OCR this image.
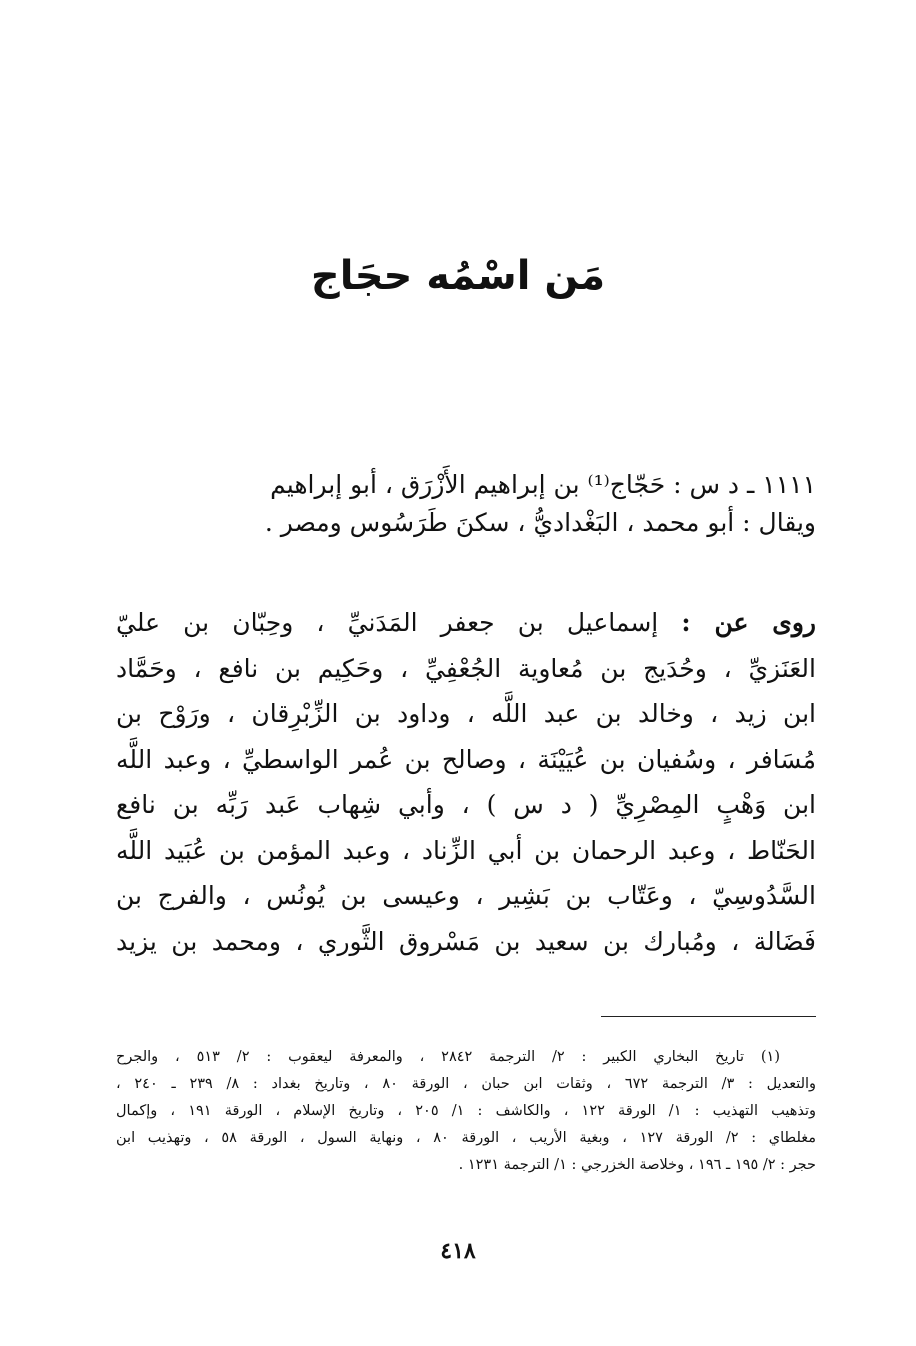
مَن اسْمُه حجَاج
١١١١ ـ د س : حَجّاج⁽¹⁾ بن إبراهيم الأَزْرَق ، أبو إبراهيم
ويقال : أبو محمد ، البَغْداديُّ ، سكنَ طَرَسُوس ومصر .
روى عن : إسماعيل بن جعفر المَدَنيِّ ، وحِبّان بن عليّ
العَنَزيِّ ، وحُدَيج بن مُعاوية الجُعْفِيِّ ، وحَكِيم بن نافع ، وحَمَّاد
ابن زيد ، وخالد بن عبد اللَّه ، وداود بن الزِّبْرِقان ، ورَوْح بن
مُسَافر ، وسُفيان بن عُيَيْنَة ، وصالح بن عُمر الواسطيِّ ، وعبد اللَّه
ابن وَهْبٍ المِصْرِيِّ ( د س ) ، وأبي شِهاب عَبد رَبِّه بن نافع
الحَنّاط ، وعبد الرحمان بن أبي الزِّناد ، وعبد المؤمن بن عُبَيد اللَّه
السَّدُوسِيّ ، وعَتّاب بن بَشِير ، وعيسى بن يُونُس ، والفرج بن
فَضَالة ، ومُبارك بن سعيد بن مَسْروق الثَّوري ، ومحمد بن يزيد
(١) تاريخ البخاري الكبير : ٢/ الترجمة ٢٨٤٢ ، والمعرفة ليعقوب : ٢/ ٥١٣ ، والجرح
والتعديل : ٣/ الترجمة ٦٧٢ ، وثقات ابن حبان ، الورقة ٨٠ ، وتاريخ بغداد : ٨/ ٢٣٩ ـ ٢٤٠ ،
وتذهيب التهذيب : ١/ الورقة ١٢٢ ، والكاشف : ١/ ٢٠٥ ، وتاريخ الإسلام ، الورقة ١٩١ ، وإكمال
مغلطاي : ٢/ الورقة ١٢٧ ، وبغية الأريب ، الورقة ٨٠ ، ونهاية السول ، الورقة ٥٨ ، وتهذيب ابن
حجر : ٢/ ١٩٥ ـ ١٩٦ ، وخلاصة الخزرجي : ١/ الترجمة ١٢٣١ .
٤١٨
